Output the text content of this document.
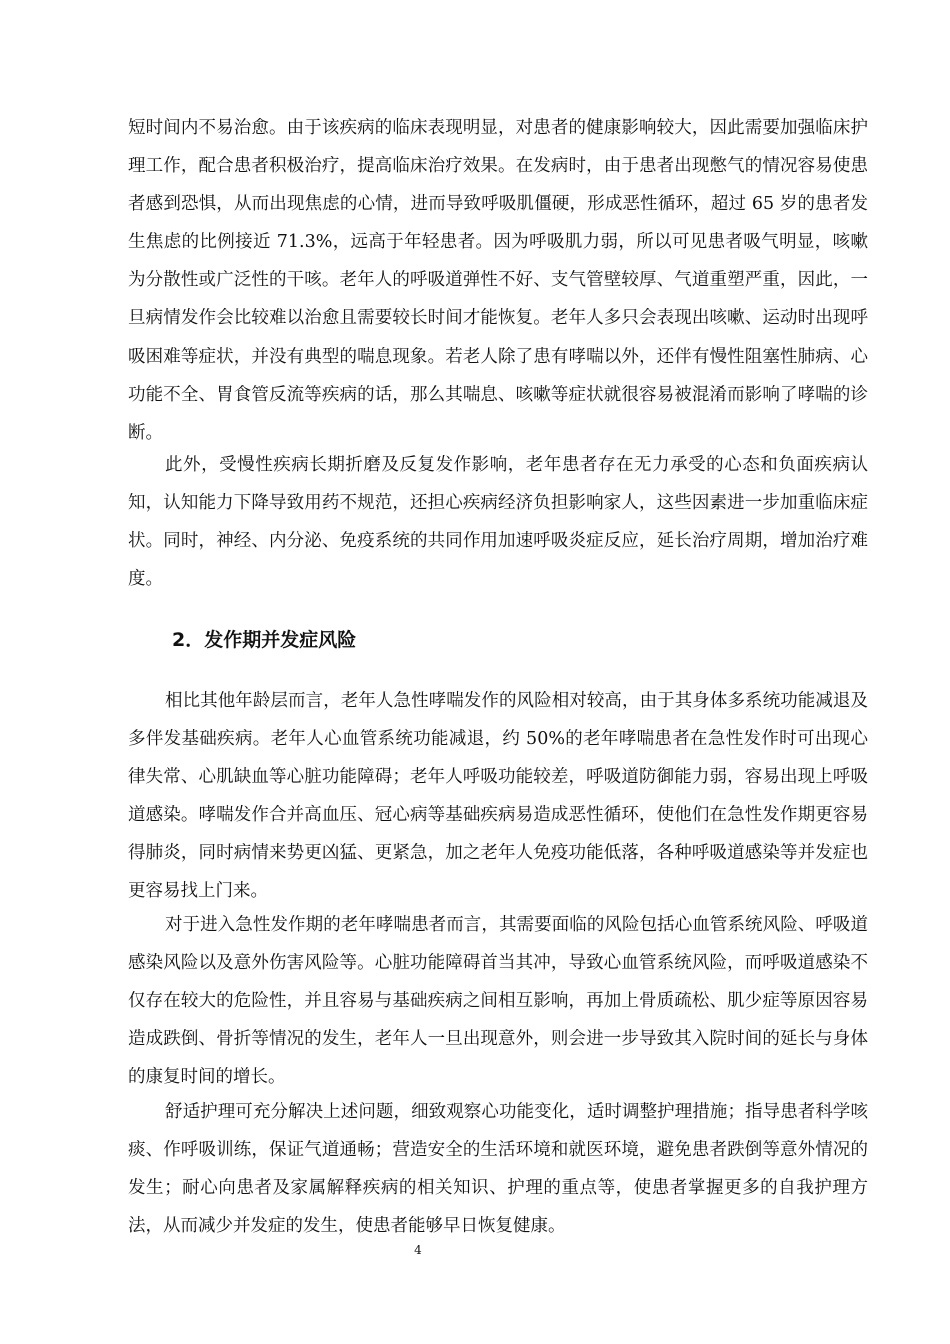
短时间内不易治愈。由于该疾病的临床表现明显，对患者的健康影响较大，因此需要加强临床护理工作，配合患者积极治疗，提高临床治疗效果。在发病时，由于患者出现憋气的情况容易使患者感到恐惧，从而出现焦虑的心情，进而导致呼吸肌僵硬，形成恶性循环，超过 65 岁的患者发生焦虑的比例接近 71.3%，远高于年轻患者。因为呼吸肌力弱，所以可见患者吸气明显，咳嗽为分散性或广泛性的干咳。老年人的呼吸道弹性不好、支气管壁较厚、气道重塑严重，因此，一旦病情发作会比较难以治愈且需要较长时间才能恢复。老年人多只会表现出咳嗽、运动时出现呼吸困难等症状，并没有典型的喘息现象。若老人除了患有哮喘以外，还伴有慢性阻塞性肺病、心功能不全、胃食管反流等疾病的话，那么其喘息、咳嗽等症状就很容易被混淆而影响了哮喘的诊断。

此外，受慢性疾病长期折磨及反复发作影响，老年患者存在无力承受的心态和负面疾病认知，认知能力下降导致用药不规范，还担心疾病经济负担影响家人，这些因素进一步加重临床症状。同时，神经、内分泌、免疫系统的共同作用加速呼吸炎症反应，延长治疗周期，增加治疗难度。

2．发作期并发症风险

相比其他年龄层而言，老年人急性哮喘发作的风险相对较高，由于其身体多系统功能减退及多伴发基础疾病。老年人心血管系统功能减退，约 50%的老年哮喘患者在急性发作时可出现心律失常、心肌缺血等心脏功能障碍；老年人呼吸功能较差，呼吸道防御能力弱，容易出现上呼吸道感染。哮喘发作合并高血压、冠心病等基础疾病易造成恶性循环，使他们在急性发作期更容易得肺炎，同时病情来势更凶猛、更紧急，加之老年人免疫功能低落，各种呼吸道感染等并发症也更容易找上门来。

对于进入急性发作期的老年哮喘患者而言，其需要面临的风险包括心血管系统风险、呼吸道感染风险以及意外伤害风险等。心脏功能障碍首当其冲，导致心血管系统风险，而呼吸道感染不仅存在较大的危险性，并且容易与基础疾病之间相互影响，再加上骨质疏松、肌少症等原因容易造成跌倒、骨折等情况的发生，老年人一旦出现意外，则会进一步导致其入院时间的延长与身体的康复时间的增长。

舒适护理可充分解决上述问题，细致观察心功能变化，适时调整护理措施；指导患者科学咳痰、作呼吸训练，保证气道通畅；营造安全的生活环境和就医环境，避免患者跌倒等意外情况的发生；耐心向患者及家属解释疾病的相关知识、护理的重点等，使患者掌握更多的自我护理方法，从而减少并发症的发生，使患者能够早日恢复健康。

4
